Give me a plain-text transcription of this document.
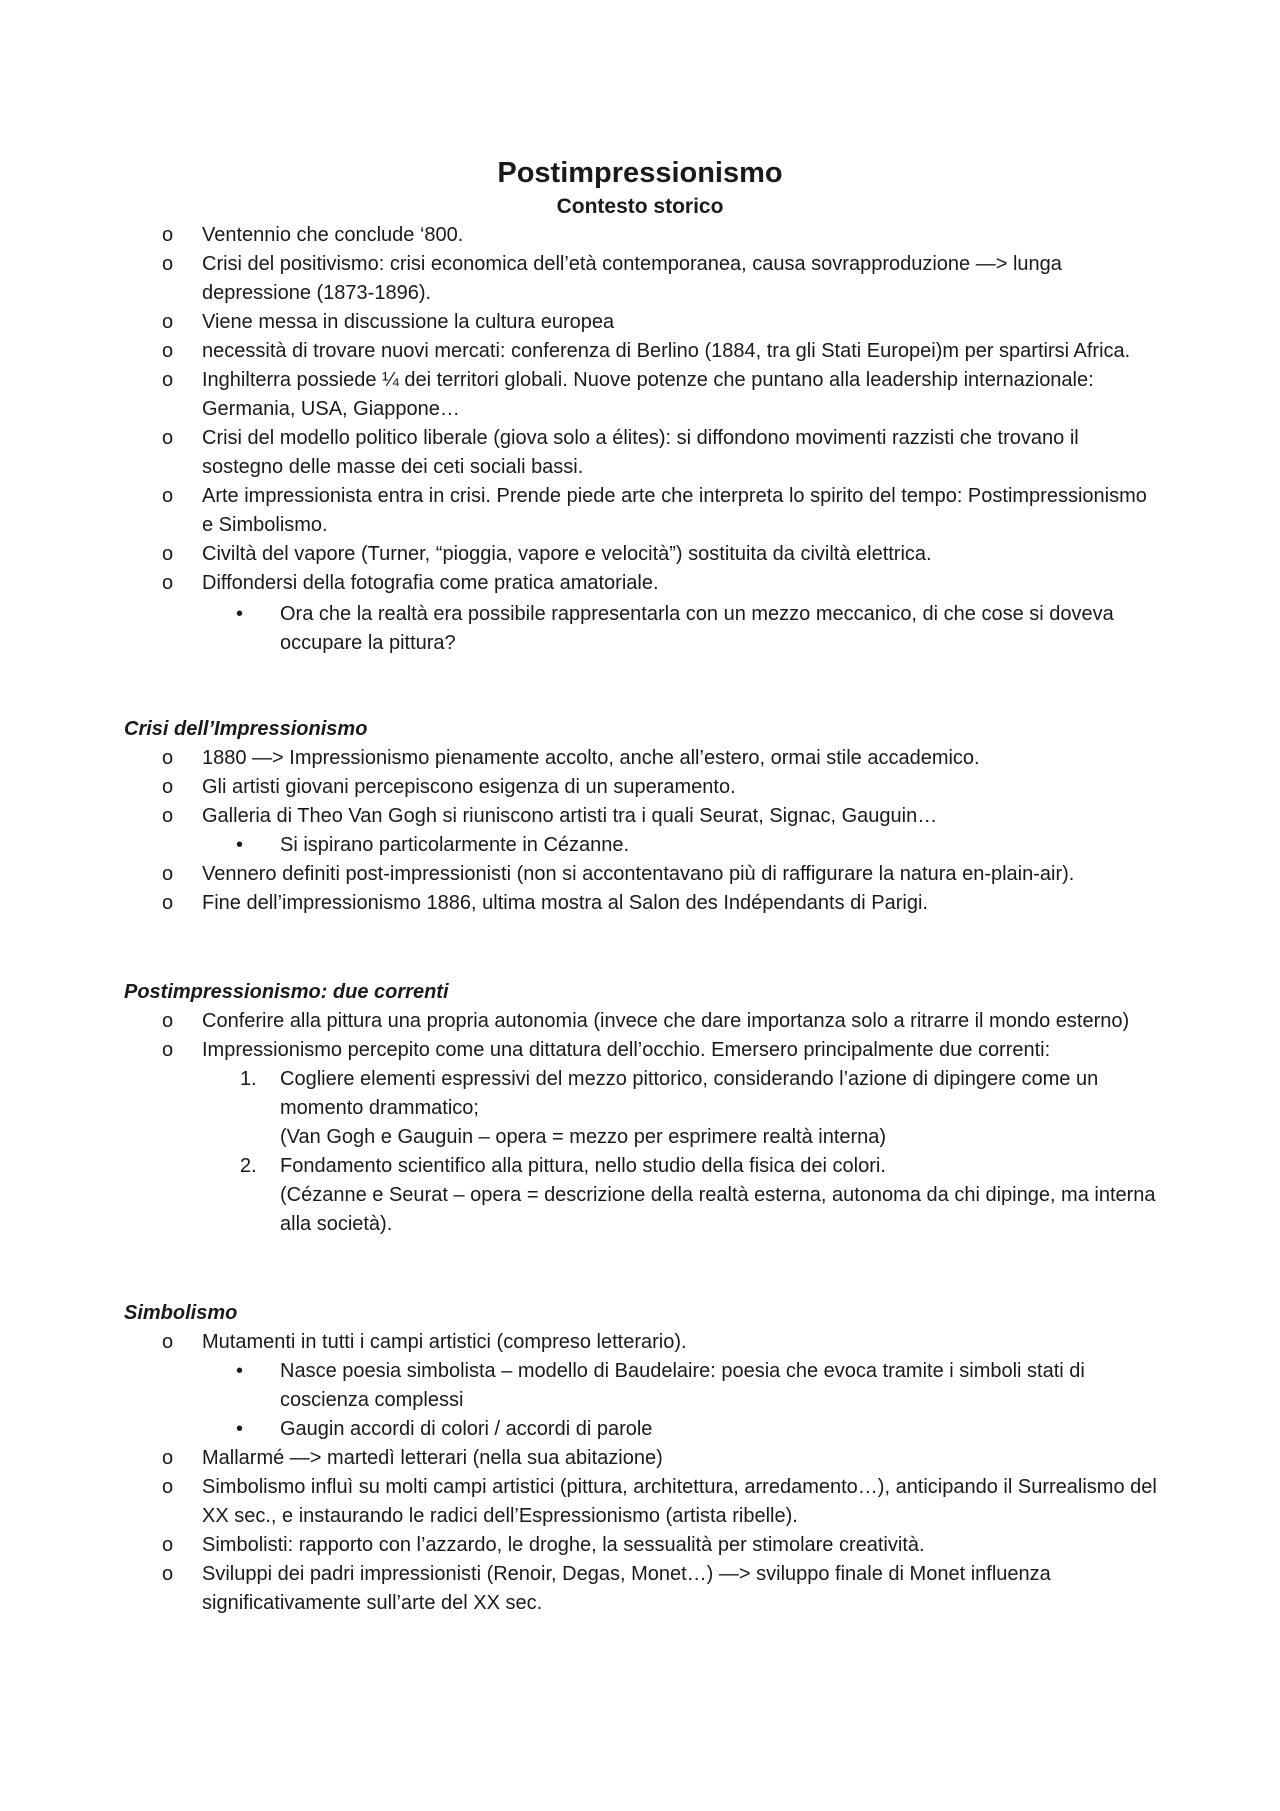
Postimpressionismo
Contesto storico
o Ventennio che conclude ‘800.
o Crisi del positivismo: crisi economica dell’età contemporanea, causa sovrapproduzione —> lunga depressione (1873-1896).
o Viene messa in discussione la cultura europea
o necessità di trovare nuovi mercati: conferenza di Berlino (1884, tra gli Stati Europei)m per spartirsi Africa.
o Inghilterra possiede ¼ dei territori globali. Nuove potenze che puntano alla leadership internazionale: Germania, USA, Giappone…
o Crisi del modello politico liberale (giova solo a élites): si diffondono movimenti razzisti che trovano il sostegno delle masse dei ceti sociali bassi.
o Arte impressionista entra in crisi. Prende piede arte che interpreta lo spirito del tempo: Postimpressionismo e Simbolismo.
o Civiltà del vapore (Turner, “pioggia, vapore e velocità”) sostituita da civiltà elettrica.
o Diffondersi della fotografia come pratica amatoriale.
• Ora che la realtà era possibile rappresentarla con un mezzo meccanico, di che cose si doveva occupare la pittura?
Crisi dell’Impressionismo
o 1880 —> Impressionismo pienamente accolto, anche all’estero, ormai stile accademico.
o Gli artisti giovani percepiscono esigenza di un superamento.
o Galleria di Theo Van Gogh si riuniscono artisti tra i quali Seurat, Signac, Gauguin…
• Si ispirano particolarmente in Cézanne.
o Vennero definiti post-impressionisti (non si accontentavano più di raffigurare la natura en-plain-air).
o Fine dell’impressionismo 1886, ultima mostra al Salon des Indépendants di Parigi.
Postimpressionismo: due correnti
o Conferire alla pittura una propria autonomia (invece che dare importanza solo a ritrarre il mondo esterno)
o Impressionismo percepito come una dittatura dell’occhio. Emersero principalmente due correnti:
1. Cogliere elementi espressivi del mezzo pittorico, considerando l’azione di dipingere come un momento drammatico;
(Van Gogh e Gauguin – opera = mezzo per esprimere realtà interna)
2. Fondamento scientifico alla pittura, nello studio della fisica dei colori.
(Cézanne e Seurat – opera = descrizione della realtà esterna, autonoma da chi dipinge, ma interna alla società).
Simbolismo
o Mutamenti in tutti i campi artistici (compreso letterario).
• Nasce poesia simbolista – modello di Baudelaire: poesia che evoca tramite i simboli stati di coscienza complessi
• Gaugin accordi di colori / accordi di parole
o Mallarmé —> martedì letterari (nella sua abitazione)
o Simbolismo influì su molti campi artistici (pittura, architettura, arredamento…), anticipando il Surrealismo del XX sec., e instaurando le radici dell’Espressionismo (artista ribelle).
o Simbolisti: rapporto con l’azzardo, le droghe, la sessualità per stimolare creatività.
o Sviluppi dei padri impressionisti (Renoir, Degas, Monet…) —> sviluppo finale di Monet influenza significativamente sull’arte del XX sec.
